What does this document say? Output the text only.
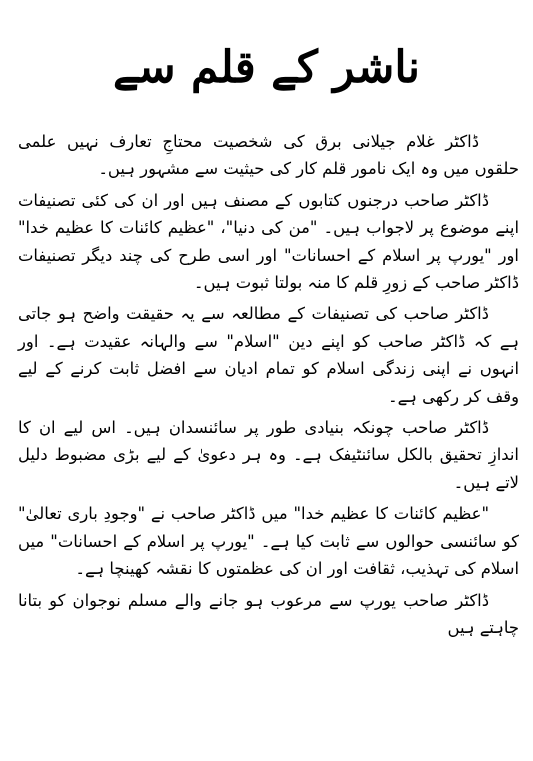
ناشر کے قلم سے

ڈاکٹر غلام جیلانی برق کی شخصیت محتاجِ تعارف نہیں علمی حلقوں میں وہ ایک نامور قلم کار کی حیثیت سے مشہور ہیں۔

ڈاکٹر صاحب درجنوں کتابوں کے مصنف ہیں اور ان کی کئی تصنیفات اپنے موضوع پر لاجواب ہیں۔ "من کی دنیا"، "عظیم کائنات کا عظیم خدا" اور "یورپ پر اسلام کے احسانات" اور اسی طرح کی چند دیگر تصنیفات ڈاکٹر صاحب کے زورِ قلم کا منہ بولتا ثبوت ہیں۔

ڈاکٹر صاحب کی تصنیفات کے مطالعہ سے یہ حقیقت واضح ہو جاتی ہے کہ ڈاکٹر صاحب کو اپنے دین "اسلام" سے والہانہ عقیدت ہے۔ اور انہوں نے اپنی زندگی اسلام کو تمام ادیان سے افضل ثابت کرنے کے لیے وقف کر رکھی ہے۔

ڈاکٹر صاحب چونکہ بنیادی طور پر سائنسدان ہیں۔ اس لیے ان کا اندازِ تحقیق بالکل سائنٹیفک ہے۔ وہ ہر دعویٰ کے لیے بڑی مضبوط دلیل لاتے ہیں۔

"عظیم کائنات کا عظیم خدا" میں ڈاکٹر صاحب نے "وجودِ باری تعالیٰ" کو سائنسی حوالوں سے ثابت کیا ہے۔ "یورپ پر اسلام کے احسانات" میں اسلام کی تہذیب، ثقافت اور ان کی عظمتوں کا نقشہ کھینچا ہے۔

ڈاکٹر صاحب یورپ سے مرعوب ہو جانے والے مسلم نوجوان کو بتانا چاہتے ہیں
